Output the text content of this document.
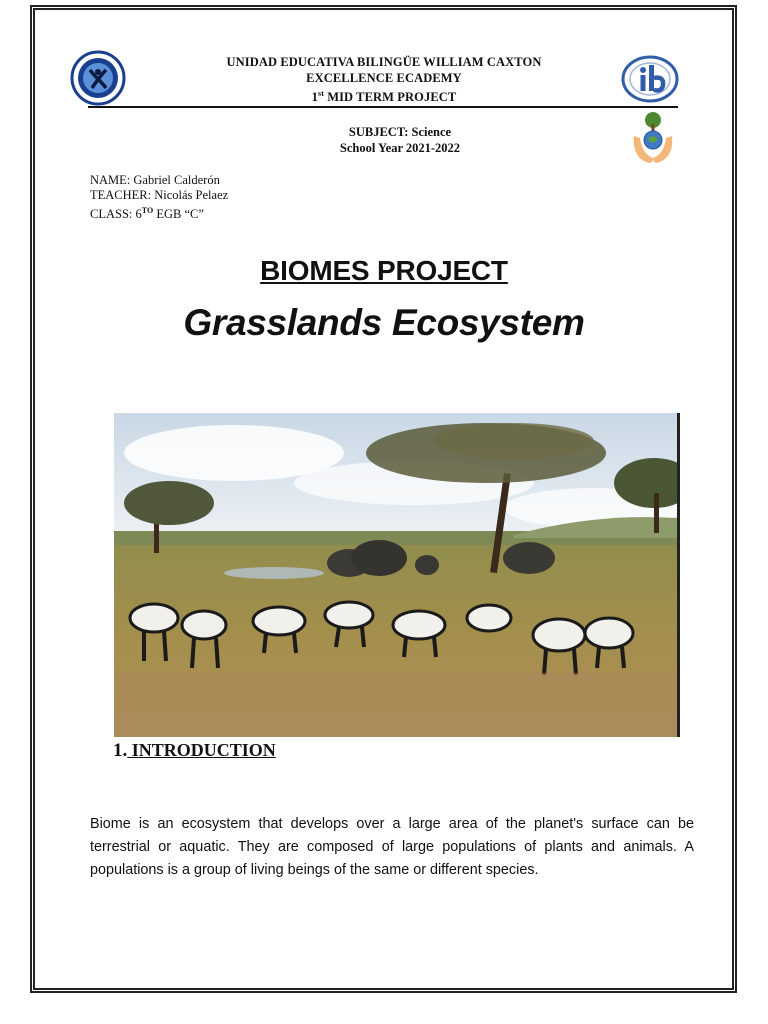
UNIDAD EDUCATIVA BILINGÜE WILLIAM CAXTON
EXCELLENCE ECADEMY
1st MID TERM PROJECT
SUBJECT: Science
School Year 2021-2022
NAME: Gabriel Calderón
TEACHER: Nicolás Pelaez
CLASS: $6^{TO}$ EGB “C”
BIOMES PROJECT
Grasslands Ecosystem
1. INTRODUCTION
Biome is an ecosystem that develops over a large area of the planet's surface can be terrestrial or aquatic. They are composed of large populations of plants and animals. A populations is a group of living beings of the same or different species.
